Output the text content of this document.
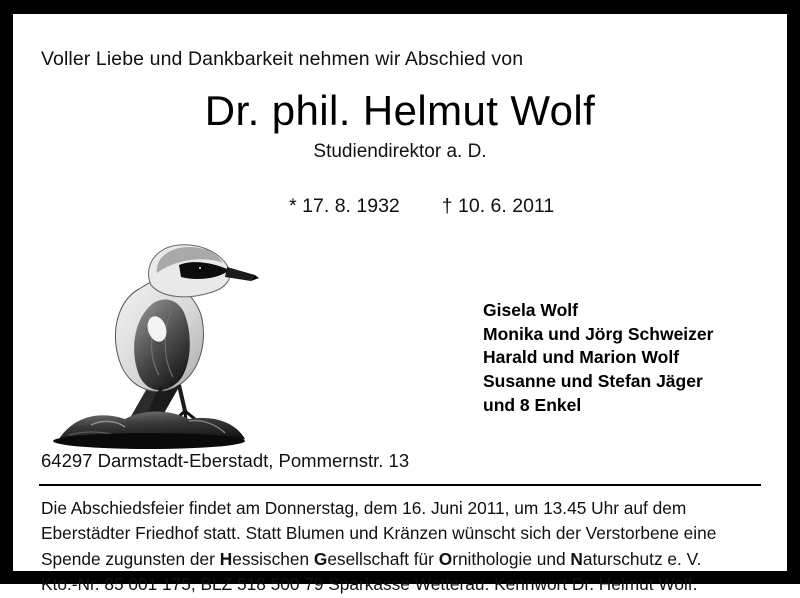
Voller Liebe und Dankbarkeit nehmen wir Abschied von
Dr. phil. Helmut Wolf
Studiendirektor a. D.

* 17. 8. 1932 † 10. 6. 2011

Gisela Wolf
Monika und Jörg Schweizer
Harald und Marion Wolf
Susanne und Stefan Jäger
und 8 Enkel
64297 Darmstadt-Eberstadt, Pommernstr. 13

Die Abschiedsfeier findet am Donnerstag, dem 16. Juni 2011, um 13.45 Uhr auf dem

Eberstädter Friedhof statt. Statt Blumen und Kränzen wünscht sich der Verstorbene eine

Spende zugunsten der Hessischen Gesellschaft für Ornithologie und Naturschutz e. V.

Kto.-Nr. 85 001 175, BLZ 518 500 79 Sparkasse Wetterau. Kennwort Dr. Helmut Wolf.
